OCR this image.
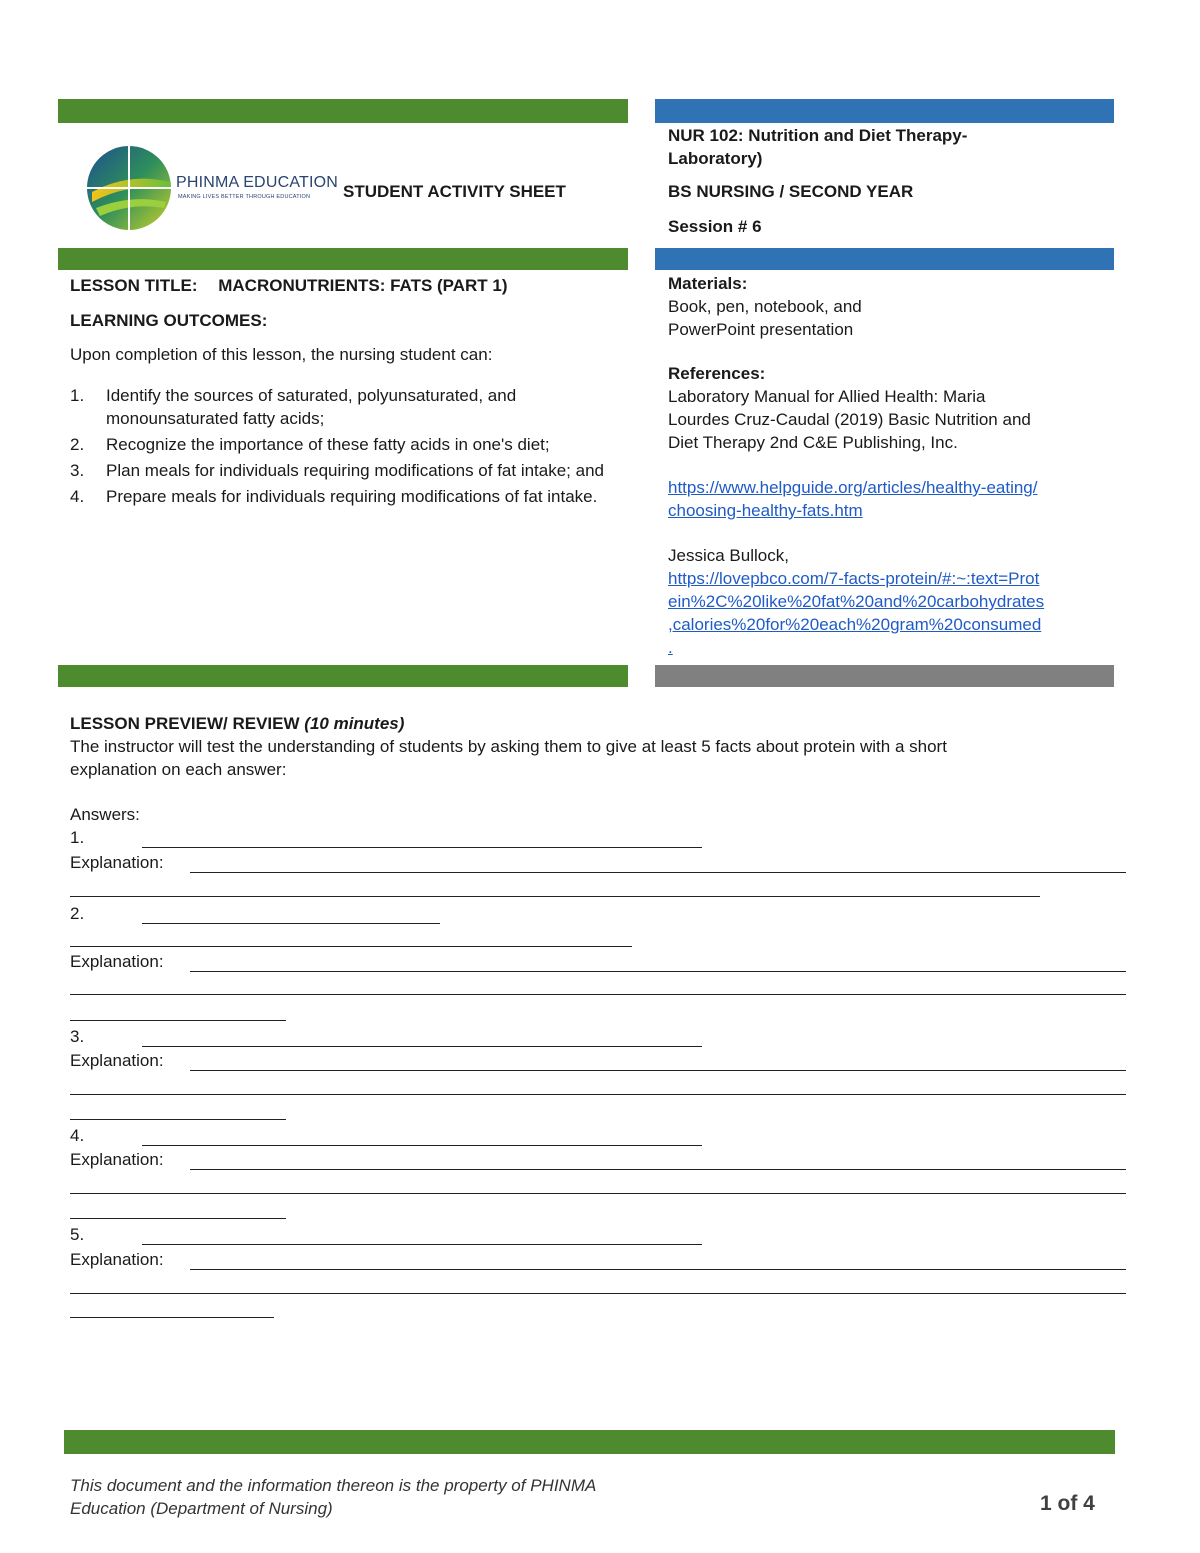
PHINMA EDUCATION
MAKING LIVES BETTER THROUGH EDUCATION STUDENT ACTIVITY SHEET
NUR 102: Nutrition and Diet Therapy-
Laboratory)
BS NURSING / SECOND YEAR
Session # 6
LESSON TITLE: MACRONUTRIENTS: FATS (PART 1)
LEARNING OUTCOMES:
Upon completion of this lesson, the nursing student can:
1. Identify the sources of saturated, polyunsaturated, and monounsaturated fatty acids;
2. Recognize the importance of these fatty acids in one's diet;
3. Plan meals for individuals requiring modifications of fat intake; and
4. Prepare meals for individuals requiring modifications of fat intake.
Materials:
Book, pen, notebook, and
PowerPoint presentation
References:
Laboratory Manual for Allied Health: Maria
Lourdes Cruz-Caudal (2019) Basic Nutrition and
Diet Therapy 2nd C&E Publishing, Inc.
https://www.helpguide.org/articles/healthy-eating/
choosing-healthy-fats.htm
Jessica Bullock,
https://lovepbco.com/7-facts-protein/#:~:text=Prot
ein%2C%20like%20fat%20and%20carbohydrates
,calories%20for%20each%20gram%20consumed
.
LESSON PREVIEW/ REVIEW (10 minutes)
The instructor will test the understanding of students by asking them to give at least 5 facts about protein with a short
explanation on each answer:
Answers:
1.
Explanation:
2.
Explanation:
3.
Explanation:
4.
Explanation:
5.
Explanation:
This document and the information thereon is the property of PHINMA
Education (Department of Nursing)	1 of 4
